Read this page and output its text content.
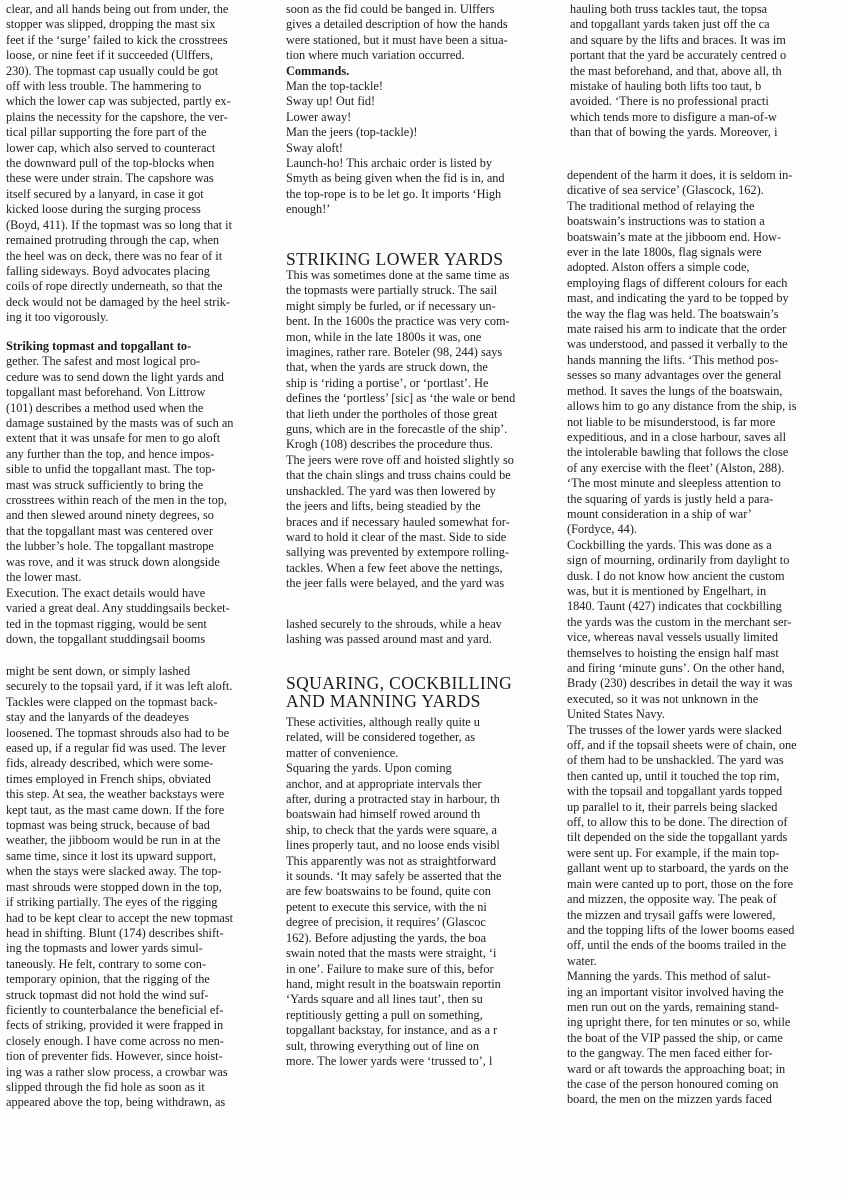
clear, and all hands being out from under, the
stopper was slipped, dropping the mast six
feet if the ‘surge’ failed to kick the crosstrees
loose, or nine feet if it succeeded (Ulffers,
230). The topmast cap usually could be got
off with less trouble. The hammering to
which the lower cap was subjected, partly ex-
plains the necessity for the capshore, the ver-
tical pillar supporting the fore part of the
lower cap, which also served to counteract
the downward pull of the top-blocks when
these were under strain. The capshore was
itself secured by a lanyard, in case it got
kicked loose during the surging process
(Boyd, 411). If the topmast was so long that it
remained protruding through the cap, when
the heel was on deck, there was no fear of it
falling sideways. Boyd advocates placing
coils of rope directly underneath, so that the
deck would not be damaged by the heel strik-
ing it too vigorously.

Striking topmast and topgallant to-
gether. The safest and most logical pro-
cedure was to send down the light yards and
topgallant mast beforehand. Von Littrow
(101) describes a method used when the
damage sustained by the masts was of such an
extent that it was unsafe for men to go aloft
any further than the top, and hence impos-
sible to unfid the topgallant mast. The top-
mast was struck sufficiently to bring the
crosstrees within reach of the men in the top,
and then slewed around ninety degrees, so
that the topgallant mast was centered over
the lubber’s hole. The topgallant mastrope
was rove, and it was struck down alongside
the lower mast.

Execution. The exact details would have
varied a great deal. Any studdingsails becket-
ted in the topmast rigging, would be sent
down, the topgallant studdingsail booms

might be sent down, or simply lashed
securely to the topsail yard, if it was left aloft.
Tackles were clapped on the topmast back-
stay and the lanyards of the deadeyes
loosened. The topmast shrouds also had to be
eased up, if a regular fid was used. The lever
fids, already described, which were some-
times employed in French ships, obviated
this step. At sea, the weather backstays were
kept taut, as the mast came down. If the fore
topmast was being struck, because of bad
weather, the jibboom would be run in at the
same time, since it lost its upward support,
when the stays were slacked away. The top-
mast shrouds were stopped down in the top,
if striking partially. The eyes of the rigging
had to be kept clear to accept the new topmast
head in shifting. Blunt (174) describes shift-
ing the topmasts and lower yards simul-
taneously. He felt, contrary to some con-
temporary opinion, that the rigging of the
struck topmast did not hold the wind suf-
ficiently to counterbalance the beneficial ef-
fects of striking, provided it were frapped in
closely enough. I have come across no men-
tion of preventer fids. However, since hoist-
ing was a rather slow process, a crowbar was
slipped through the fid hole as soon as it
appeared above the top, being withdrawn, as

soon as the fid could be banged in. Ulffers
gives a detailed description of how the hands
were stationed, but it must have been a situa-
tion where much variation occurred.

Commands.
Man the top-tackle!
Sway up! Out fid!
Lower away!
Man the jeers (top-tackle)!
Sway aloft!

Launch-ho! This archaic order is listed by
Smyth as being given when the fid is in, and
the top-rope is to be let go. It imports ‘High
enough!’

STRIKING LOWER YARDS

This was sometimes done at the same time as
the topmasts were partially struck. The sail
might simply be furled, or if necessary un-
bent. In the 1600s the practice was very com-
mon, while in the late 1800s it was, one
imagines, rather rare. Boteler (98, 244) says
that, when the yards are struck down, the
ship is ‘riding a portise’, or ‘portlast’. He
defines the ‘portless’ [sic] as ‘the wale or bend
that lieth under the portholes of those great
guns, which are in the forecastle of the ship’.
Krogh (108) describes the procedure thus.
The jeers were rove off and hoisted slightly so
that the chain slings and truss chains could be
unshackled. The yard was then lowered by
the jeers and lifts, being steadied by the
braces and if necessary hauled somewhat for-
ward to hold it clear of the mast. Side to side
sallying was prevented by extempore rolling-
tackles. When a few feet above the nettings,
the jeer falls were belayed, and the yard was

lashed securely to the shrouds, while a heav
lashing was passed around mast and yard.

SQUARING, COCKBILLING
AND MANNING YARDS

These activities, although really quite u
related, will be considered together, as
matter of convenience.
Squaring the yards. Upon coming
anchor, and at appropriate intervals ther
after, during a protracted stay in harbour, th
boatswain had himself rowed around th
ship, to check that the yards were square, a
lines properly taut, and no loose ends visibl
This apparently was not as straightforward
it sounds. ‘It may safely be asserted that the
are few boatswains to be found, quite con
petent to execute this service, with the ni
degree of precision, it requires’ (Glascoc
162). Before adjusting the yards, the boa
swain noted that the masts were straight, ‘i
in one’. Failure to make sure of this, befor
hand, might result in the boatswain reportin
‘Yards square and all lines taut’, then su
reptitiously getting a pull on something,
topgallant backstay, for instance, and as a r
sult, throwing everything out of line on
more. The lower yards were ‘trussed to’, l

hauling both truss tackles taut, the topsa
and topgallant yards taken just off the ca
and square by the lifts and braces. It was im
portant that the yard be accurately centred o
the mast beforehand, and that, above all, th
mistake of hauling both lifts too taut, b
avoided. ‘There is no professional practi
which tends more to disfigure a man-of-w
than that of bowing the yards. Moreover, i

dependent of the harm it does, it is seldom in-
dicative of sea service’ (Glascock, 162).
The traditional method of relaying the
boatswain’s instructions was to station a
boatswain’s mate at the jibboom end. How-
ever in the late 1800s, flag signals were
adopted. Alston offers a simple code,
employing flags of different colours for each
mast, and indicating the yard to be topped by
the way the flag was held. The boatswain’s
mate raised his arm to indicate that the order
was understood, and passed it verbally to the
hands manning the lifts. ‘This method pos-
sesses so many advantages over the general
method. It saves the lungs of the boatswain,
allows him to go any distance from the ship, is
not liable to be misunderstood, is far more
expeditious, and in a close harbour, saves all
the intolerable bawling that follows the close
of any exercise with the fleet’ (Alston, 288).
‘The most minute and sleepless attention to
the squaring of yards is justly held a para-
mount consideration in a ship of war’
(Fordyce, 44).
Cockbilling the yards. This was done as a
sign of mourning, ordinarily from daylight to
dusk. I do not know how ancient the custom
was, but it is mentioned by Engelhart, in
1840. Taunt (427) indicates that cockbilling
the yards was the custom in the merchant ser-
vice, whereas naval vessels usually limited
themselves to hoisting the ensign half mast
and firing ‘minute guns’. On the other hand,
Brady (230) describes in detail the way it was
executed, so it was not unknown in the
United States Navy.
The trusses of the lower yards were slacked
off, and if the topsail sheets were of chain, one
of them had to be unshackled. The yard was
then canted up, until it touched the top rim,
with the topsail and topgallant yards topped
up parallel to it, their parrels being slacked
off, to allow this to be done. The direction of
tilt depended on the side the topgallant yards
were sent up. For example, if the main top-
gallant went up to starboard, the yards on the
main were canted up to port, those on the fore
and mizzen, the opposite way. The peak of
the mizzen and trysail gaffs were lowered,
and the topping lifts of the lower booms eased
off, until the ends of the booms trailed in the
water.
Manning the yards. This method of salut-
ing an important visitor involved having the
men run out on the yards, remaining stand-
ing upright there, for ten minutes or so, while
the boat of the VIP passed the ship, or came
to the gangway. The men faced either for-
ward or aft towards the approaching boat; in
the case of the person honoured coming on
board, the men on the mizzen yards faced
